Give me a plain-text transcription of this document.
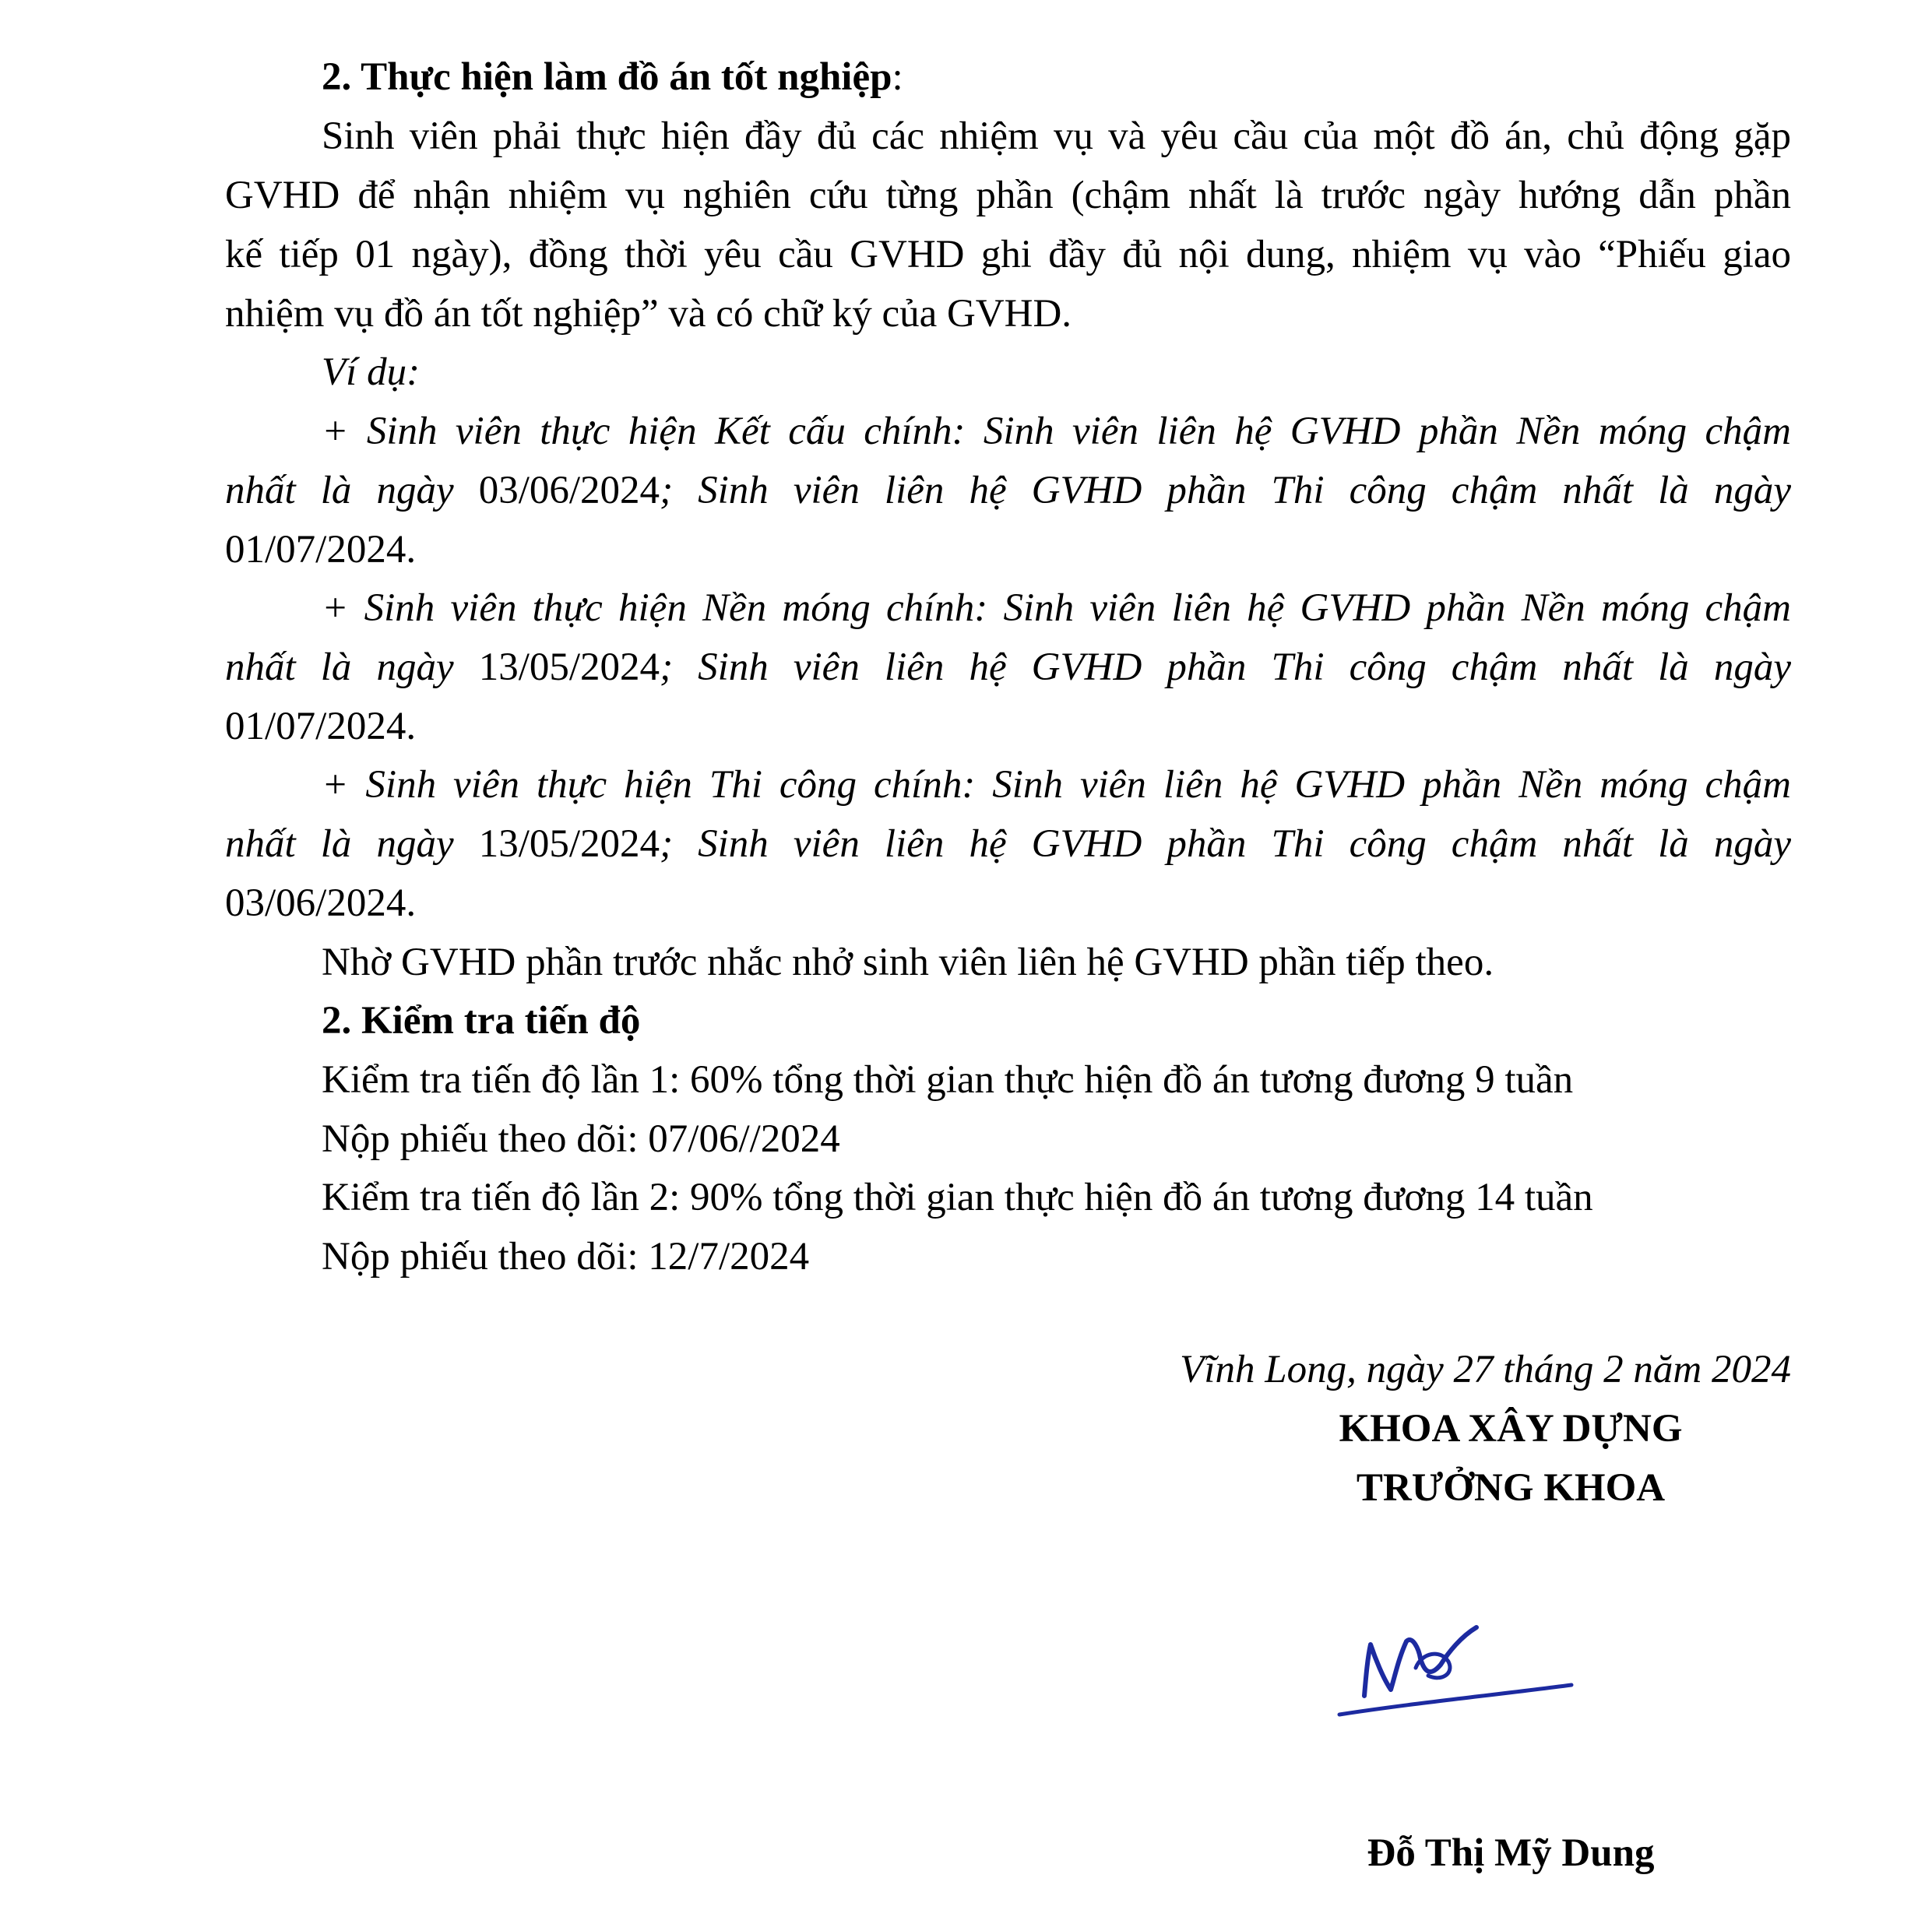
2. Thực hiện làm đồ án tốt nghiệp:

Sinh viên phải thực hiện đầy đủ các nhiệm vụ và yêu cầu của một đồ án, chủ động gặp

GVHD để nhận nhiệm vụ nghiên cứu từng phần (chậm nhất là trước ngày hướng dẫn phần

kế tiếp 01 ngày), đồng thời yêu cầu GVHD ghi đầy đủ nội dung, nhiệm vụ vào “Phiếu giao

nhiệm vụ đồ án tốt nghiệp” và có chữ ký của GVHD.

Ví dụ:

+ Sinh viên thực hiện Kết cấu chính: Sinh viên liên hệ GVHD phần Nền móng chậm

nhất là ngày 03/06/2024; Sinh viên liên hệ GVHD phần Thi công chậm nhất là ngày

01/07/2024.

+ Sinh viên thực hiện Nền móng chính: Sinh viên liên hệ GVHD phần Nền móng chậm

nhất là ngày 13/05/2024; Sinh viên liên hệ GVHD phần Thi công chậm nhất là ngày

01/07/2024.

+ Sinh viên thực hiện Thi công chính: Sinh viên liên hệ GVHD phần Nền móng chậm

nhất là ngày 13/05/2024; Sinh viên liên hệ GVHD phần Thi công chậm nhất là ngày

03/06/2024.

Nhờ GVHD phần trước nhắc nhở sinh viên liên hệ GVHD phần tiếp theo.

2. Kiểm tra tiến độ

Kiểm tra tiến độ lần 1: 60% tổng thời gian thực hiện đồ án tương đương 9 tuần

Nộp phiếu theo dõi: 07/06//2024

Kiểm tra tiến độ lần 2: 90% tổng thời gian thực hiện đồ án tương đương 14 tuần

Nộp phiếu theo dõi: 12/7/2024

Vĩnh Long, ngày 27 tháng 2 năm 2024

KHOA XÂY DỰNG

TRƯỞNG KHOA

Đỗ Thị Mỹ Dung
